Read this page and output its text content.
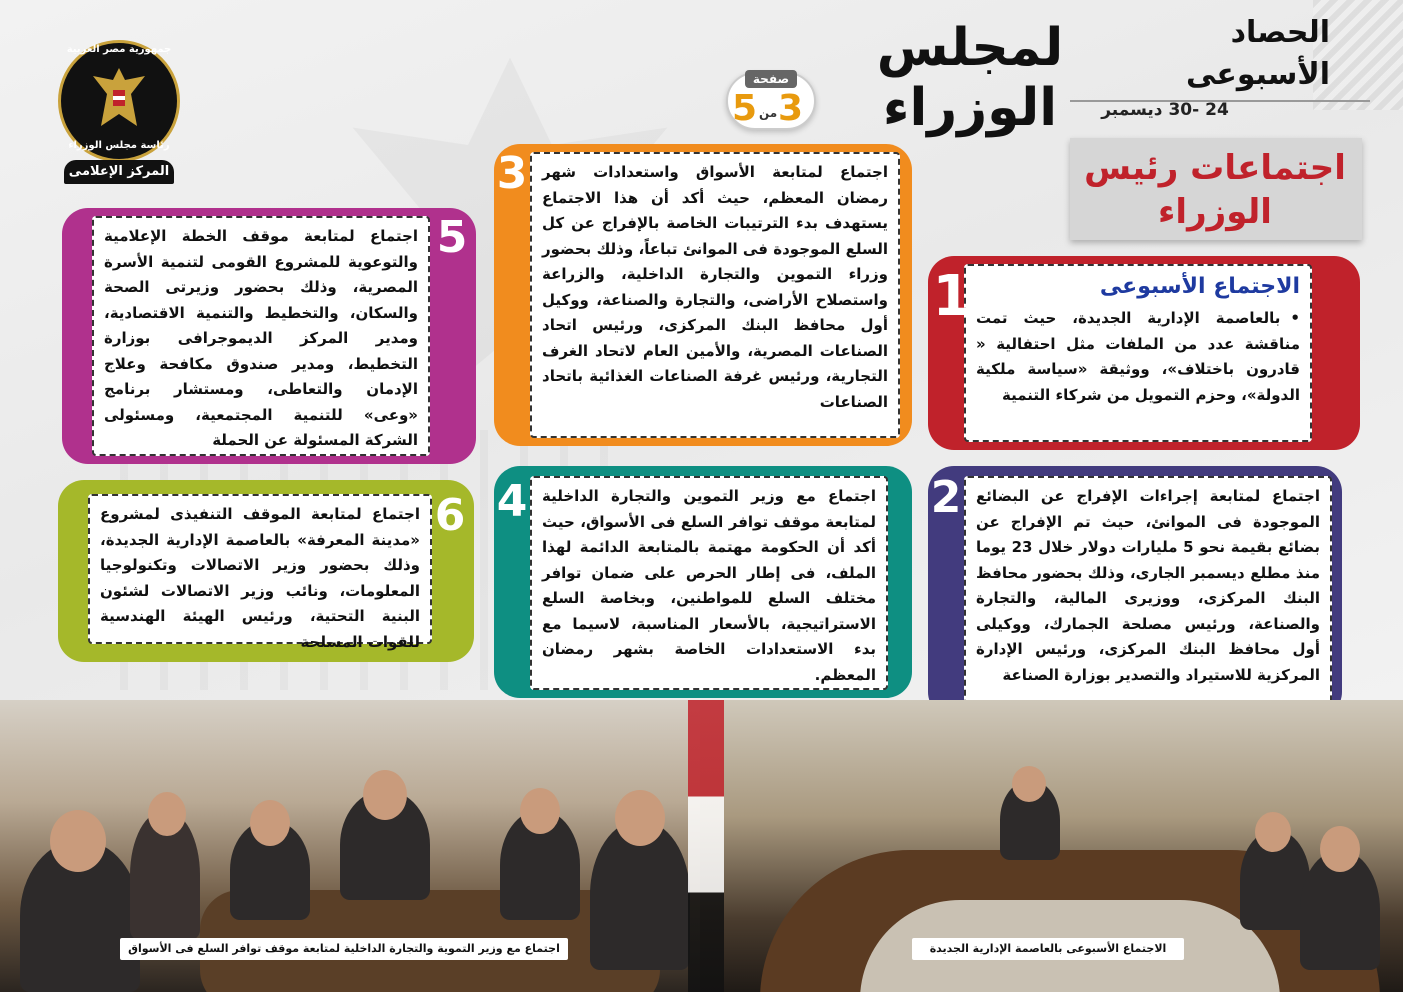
لمجلس الوزراء
الحصاد
الأسبوعى
24 -30 ديسمبر
صفحة
3
من
5
جمهورية مصر العربية
رئاسة مجلس الوزراء
المركز الإعلامى	اجتماعات رئيس
الوزراء
الاجتماع الأسبوعى
• بالعاصمة الإدارية الجديدة، حيث تمت مناقشة عدد من الملفات مثل احتفالية « قادرون باختلاف»، ووثيقة «سياسة ملكية الدولة»، وحزم التمويل من شركاء التنمية
1
اجتماع لمتابعة إجراءات الإفراج عن البضائع الموجودة فى الموانئ، حيث تم الإفراج عن بضائع بقيمة نحو 5 مليارات دولار خلال 23 يوما منذ مطلع ديسمبر الجارى، وذلك بحضور محافظ البنك المركزى، ووزيرى المالية، والتجارة والصناعة، ورئيس مصلحة الجمارك، ووكيلى أول محافظ البنك المركزى، ورئيس الإدارة المركزية للاستيراد والتصدير بوزارة الصناعة
2
اجتماع لمتابعة الأسواق واستعدادات شهر رمضان المعظم، حيث أكد أن هذا الاجتماع يستهدف بدء الترتيبات الخاصة بالإفراج عن كل السلع الموجودة فى الموانئ تباعاً، وذلك بحضور وزراء التموين والتجارة الداخلية، والزراعة واستصلاح الأراضى، والتجارة والصناعة، ووكيل أول محافظ البنك المركزى، ورئيس اتحاد الصناعات المصرية، والأمين العام لاتحاد الغرف التجارية، ورئيس غرفة الصناعات الغذائية باتحاد الصناعات
3
اجتماع مع وزير التموين والتجارة الداخلية لمتابعة موقف توافر السلع فى الأسواق، حيث أكد أن الحكومة مهتمة بالمتابعة الدائمة لهذا الملف، فى إطار الحرص على ضمان توافر مختلف السلع للمواطنين، وبخاصة السلع الاستراتيجية، بالأسعار المناسبة، لاسيما مع بدء الاستعدادات الخاصة بشهر رمضان المعظم.
4
اجتماع لمتابعة موقف الخطة الإعلامية والتوعوية للمشروع القومى لتنمية الأسرة المصرية، وذلك بحضور وزيرتى الصحة والسكان، والتخطيط والتنمية الاقتصادية، ومدير المركز الديموجرافى بوزارة التخطيط، ومدير صندوق مكافحة وعلاج الإدمان والتعاطى، ومستشار برنامج «وعى» للتنمية المجتمعية، ومسئولى الشركة المسئولة عن الحملة
5
اجتماع لمتابعة الموقف التنفيذى لمشروع «مدينة المعرفة» بالعاصمة الإدارية الجديدة، وذلك بحضور وزير الاتصالات وتكنولوجيا المعلومات، ونائب وزير الاتصالات لشئون البنية التحتية، ورئيس الهيئة الهندسية للقوات المسلحة
6
اجتماع مع وزير التموية والتجارة الداخلية لمتابعة موقف توافر السلع فى الأسواق	الاجتماع الأسبوعى بالعاصمة الإدارية الجديدة
